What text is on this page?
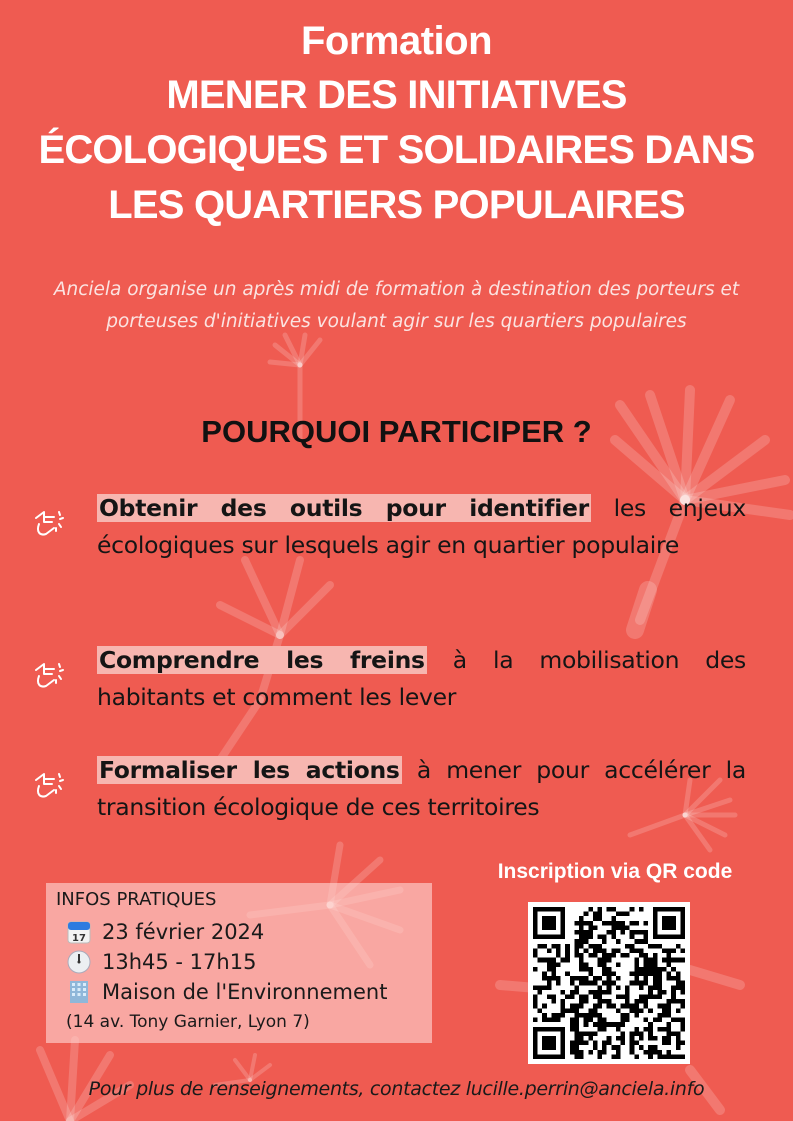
Formation
MENER DES INITIATIVES
ÉCOLOGIQUES ET SOLIDAIRES DANS
LES QUARTIERS POPULAIRES
Anciela organise un après midi de formation à destination des porteurs et porteuses d'initiatives voulant agir sur les quartiers populaires
POURQUOI PARTICIPER ?
Obtenir des outils pour identifier les enjeux écologiques sur lesquels agir en quartier populaire
Comprendre les freins à la mobilisation des habitants et comment les lever
Formaliser les actions à mener pour accélérer la transition écologique de ces territoires
INFOS PRATIQUES
17 23 février 2024
13h45 - 17h15
Maison de l'Environnement
(14 av. Tony Garnier, Lyon 7)
Inscription via QR code
Pour plus de renseignements, contactez lucille.perrin@anciela.info
